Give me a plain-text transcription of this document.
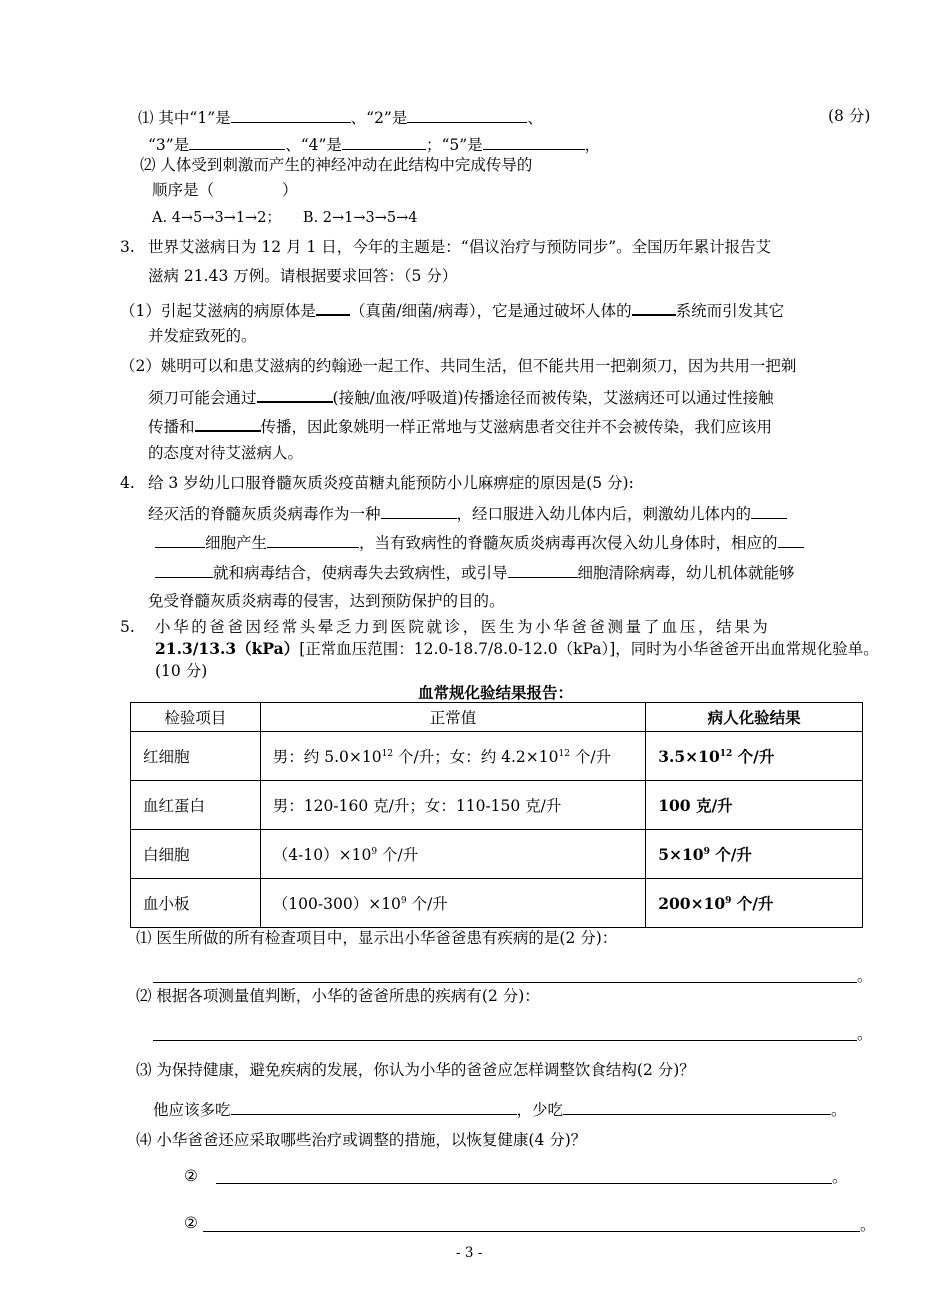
⑴ 其中“1”是	、“2”是	、	(8 分)
“3”是	、“4”是	；“5”是	，
⑵ 人体受到刺激而产生的神经冲动在此结构中完成传导的
顺序是（	）
A. 4→5→3→1→2； B. 2→1→3→5→4
3. 世界艾滋病日为 12 月 1 日，今年的主题是：“倡议治疗与预防同步”。全国历年累计报告艾
滋病 21.43 万例。请根据要求回答：（5 分）
（1）引起艾滋病的病原体是 （真菌/细菌/病毒），它是通过破坏人体的	系统而引发其它
并发症致死的。
（2）姚明可以和患艾滋病的约翰逊一起工作、共同生活，但不能共用一把剃须刀，因为共用一把剃
须刀可能会通过	(接触/血液/呼吸道)传播途径而被传染，艾滋病还可以通过性接触
传播和	传播，因此象姚明一样正常地与艾滋病患者交往并不会被传染，我们应该用
的态度对待艾滋病人。
4. 给 3 岁幼儿口服脊髓灰质炎疫苗糖丸能预防小儿麻痹症的原因是(5 分):
经灭活的脊髓灰质炎病毒作为一种	，经口服进入幼儿体内后，刺激幼儿体内的
细胞产生	，当有致病性的脊髓灰质炎病毒再次侵入幼儿身体时，相应的
就和病毒结合，使病毒失去致病性，或引导	细胞清除病毒，幼儿机体就能够
免受脊髓灰质炎病毒的侵害，达到预防保护的目的。
5. 小华的爸爸因经常头晕乏力到医院就诊，医生为小华爸爸测量了血压，结果为
21.3/13.3（kPa）[正常血压范围：12.0-18.7/8.0-12.0（kPa）]，同时为小华爸爸开出血常规化验单。
(10 分)
血常规化验结果报告：
检验项目	正常值	病人化验结果
红细胞	男：约 $5.0\times 10^{12}$ 个/升；女：约 $4.2\times 10^{12}$ 个/升	$3.5\times 10^{12}$ 个/升
血红蛋白	男：120-160 克/升；女：110-150 克/升	100 克/升
白细胞	$(4-10)\times 10^9$ 个/升	$5\times 10^9$ 个/升
血小板	$(100-300)\times 10^9$ 个/升	$200\times 10^9$ 个/升
⑴ 医生所做的所有检查项目中，显示出小华爸爸患有疾病的是(2 分)：
。
⑵ 根据各项测量值判断，小华的爸爸所患的疾病有(2 分)：
。
⑶ 为保持健康，避免疾病的发展，你认为小华的爸爸应怎样调整饮食结构(2 分)？
他应该多吃	，少吃	。
⑷ 小华爸爸还应采取哪些治疗或调整的措施，以恢复健康(4 分)？
②	。
②	。
- 3 -
